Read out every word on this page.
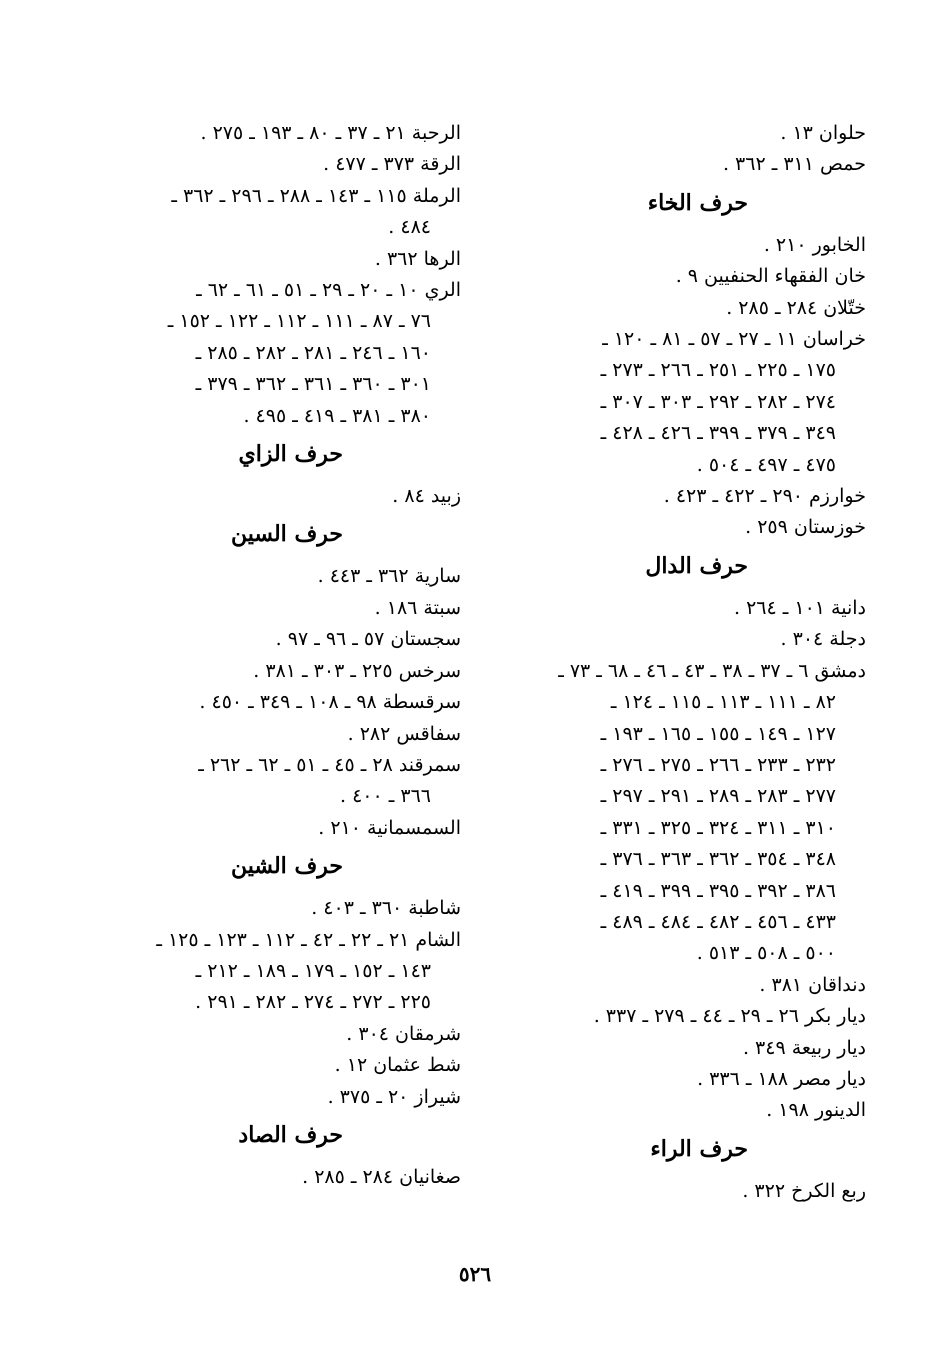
حلوان ١٣ .
حمص ٣١١ ـ ٣٦٢ .
حرف الخاء
الخابور ٢١٠ .
خان الفقهاء الحنفيين ٩ .
ختّلان ٢٨٤ ـ ٢٨٥ .
خراسان ١١ ـ ٢٧ ـ ٥٧ ـ ٨١ ـ ١٢٠ ـ
١٧٥ ـ ٢٢٥ ـ ٢٥١ ـ ٢٦٦ ـ ٢٧٣ ـ
٢٧٤ ـ ٢٨٢ ـ ٢٩٢ ـ ٣٠٣ ـ ٣٠٧ ـ
٣٤٩ ـ ٣٧٩ ـ ٣٩٩ ـ ٤٢٦ ـ ٤٢٨ ـ
٤٧٥ ـ ٤٩٧ ـ ٥٠٤ .
خوارزم ٢٩٠ ـ ٤٢٢ ـ ٤٢٣ .
خوزستان ٢٥٩ .
حرف الدال
دانية ١٠١ ـ ٢٦٤ .
دجلة ٣٠٤ .
دمشق ٦ ـ ٣٧ ـ ٣٨ ـ ٤٣ ـ ٤٦ ـ ٦٨ ـ ٧٣ ـ
٨٢ ـ ١١١ ـ ١١٣ ـ ١١٥ ـ ١٢٤ ـ
١٢٧ ـ ١٤٩ ـ ١٥٥ ـ ١٦٥ ـ ١٩٣ ـ
٢٣٢ ـ ٢٣٣ ـ ٢٦٦ ـ ٢٧٥ ـ ٢٧٦ ـ
٢٧٧ ـ ٢٨٣ ـ ٢٨٩ ـ ٢٩١ ـ ٢٩٧ ـ
٣١٠ ـ ٣١١ ـ ٣٢٤ ـ ٣٢٥ ـ ٣٣١ ـ
٣٤٨ ـ ٣٥٤ ـ ٣٦٢ ـ ٣٦٣ ـ ٣٧٦ ـ
٣٨٦ ـ ٣٩٢ ـ ٣٩٥ ـ ٣٩٩ ـ ٤١٩ ـ
٤٣٣ ـ ٤٥٦ ـ ٤٨٢ ـ ٤٨٤ ـ ٤٨٩ ـ
٥٠٠ ـ ٥٠٨ ـ ٥١٣ .
دنداقان ٣٨١ .
ديار بكر ٢٦ ـ ٢٩ ـ ٤٤ ـ ٢٧٩ ـ ٣٣٧ .
ديار ربيعة ٣٤٩ .
ديار مصر ١٨٨ ـ ٣٣٦ .
الدينور ١٩٨ .
حرف الراء
ربع الكرخ ٣٢٢ .
الرحبة ٢١ ـ ٣٧ ـ ٨٠ ـ ١٩٣ ـ ٢٧٥ .
الرقة ٣٧٣ ـ ٤٧٧ .
الرملة ١١٥ ـ ١٤٣ ـ ٢٨٨ ـ ٢٩٦ ـ ٣٦٢ ـ
٤٨٤ .
الرها ٣٦٢ .
الري ١٠ ـ ٢٠ ـ ٢٩ ـ ٥١ ـ ٦١ ـ ٦٢ ـ
٧٦ ـ ٨٧ ـ ١١١ ـ ١١٢ ـ ١٢٢ ـ ١٥٢ ـ
١٦٠ ـ ٢٤٦ ـ ٢٨١ ـ ٢٨٢ ـ ٢٨٥ ـ
٣٠١ ـ ٣٦٠ ـ ٣٦١ ـ ٣٦٢ ـ ٣٧٩ ـ
٣٨٠ ـ ٣٨١ ـ ٤١٩ ـ ٤٩٥ .
حرف الزاي
زبيد ٨٤ .
حرف السين
سارية ٣٦٢ ـ ٤٤٣ .
سبتة ١٨٦ .
سجستان ٥٧ ـ ٩٦ ـ ٩٧ .
سرخس ٢٢٥ ـ ٣٠٣ ـ ٣٨١ .
سرقسطة ٩٨ ـ ١٠٨ ـ ٣٤٩ ـ ٤٥٠ .
سفاقس ٢٨٢ .
سمرقند ٢٨ ـ ٤٥ ـ ٥١ ـ ٦٢ ـ ٢٦٢ ـ
٣٦٦ ـ ٤٠٠ .
السمسمانية ٢١٠ .
حرف الشين
شاطبة ٣٦٠ ـ ٤٠٣ .
الشام ٢١ ـ ٢٢ ـ ٤٢ ـ ١١٢ ـ ١٢٣ ـ ١٢٥ ـ
١٤٣ ـ ١٥٢ ـ ١٧٩ ـ ١٨٩ ـ ٢١٢ ـ
٢٢٥ ـ ٢٧٢ ـ ٢٧٤ ـ ٢٨٢ ـ ٢٩١ .
شرمقان ٣٠٤ .
شط عثمان ١٢ .
شيراز ٢٠ ـ ٣٧٥ .
حرف الصاد
صغانيان ٢٨٤ ـ ٢٨٥ .
٥٢٦
